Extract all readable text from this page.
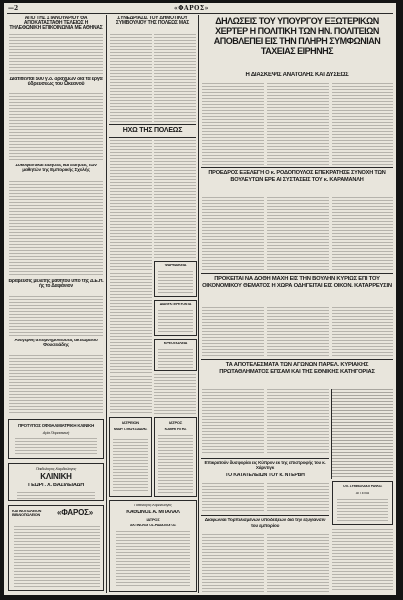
—2	«ΦΑΡΟΣ»
ΑΠΟ ΤΗΣ 1 ΙΑΝΟΥΑΡΙΟΥ ΘΑ ΑΠΟΚΑΤΑΣΤΑΘΗ ΤΕΛΕΙΩΣ Η ΤΗΛΕΦΩΝΙΚΗ ΕΠΙΚΟΙΝΩΝΙΑ ΜΕ ΑΘΗΝΑΣ
Διατίθενται 500 γ.δ. δραχμών διά τα έργα ύδρευσεως του Ωκεανού
Συκοφαντικαί ειδήσεις και ειδήσεις των μαθητών της Εμπορικής Σχολής
Βράβευσις μελέτης μαθητού υπό της Δ.Ε.Η. ής το Δαφάνιον
Ανεγέρθη απομνημονεύσας ακτιωρείου Φουσειάδης
ΠΡΟΤΥΠΟΣ ΟΦΘΑΛΜΙΑΤΡΙΚΗ ΚΛΙΝΙΚΗ
Αγία Παρασκευή
Παιδολογος-Καρδιολογος
ΚΛΙΝΙΚΗ
ΓΕΩΡΓ. Χ. ΒΑΣΙΛΕΙΑΔΗ
ΚΑΠΝΟΠΩΛΕΙΟΝ ΒΙΒΛΙΟΠΩΛΕΙΟΝ	«ΦΑΡΟΣ»
ΣΥΝΕΔΡΙΑΣΙΣ ΤΟΥ ΔΗΜΟΤΙΚΟΥ ΣΥΜΒΟΥΛΙΟΥ ΤΗΣ ΠΟΛΕΩΣ ΜΑΣ
ΗΧΩ ΤΗΣ ΠΟΛΕΩΣ
ΦΑΡΜΑΚΕΙΑ
ΔΙΑΝΥΚΤΕΡΕΥΟΝΤΑ
ΚΡΕΟΠΩΛΕΙΑ
ΙΑΤΡΕΙΟΝ
ΜΑΙΡ. Ι. ΜΩΥΣΙΑΔΗΣ
ΙΑΤΡΟΣ
ΚΑΘΗΓΗΤΗΣ
Παθολόγος-Καρδιολόγος
ΚΑΘΩΝΟΣ Α. ΜΠΑΛΑΛ
ΙΑΤΡΟΣ
ΑΚΤΙΝΟΛΟΓΟΣ-ΡΑΔΙΟΛΟΓΟΣ
ΔΗΛΩΣΕΙΣ ΤΟΥ ΥΠΟΥΡΓΟΥ ΕΞΩΤΕΡΙΚΩΝ ΧΕΡΤΕΡ Η ΠΟΛΙΤΙΚΗ ΤΩΝ ΗΝ. ΠΟΛΙΤΕΙΩΝ ΑΠΟΒΛΕΠΕΙ ΕΙΣ ΤΗΝ ΠΛΗΡΗ ΣΥΜΦΩΝΙΑΝ ΤΑΧΕΙΑΣ ΕΙΡΗΝΗΣ
Η ΔΙΑΣΚΕΨΙΣ ΑΝΑΤΟΛΗΣ ΚΑΙ ΔΥΣΕΩΣ
ΠΡΟΕΔΡΟΣ ΕΞΕΛΕΓΗ Ο κ. ΡΟΔΟΠΟΥΛΟΣ ΕΠΕΚΡΑΤΗΣΕ ΣΥΝΟΧΗ ΤΩΝ ΒΟΥΛΕΥΤΩΝ ΕΡΕ ΑΙ ΣΥΣΤΑΣΕΙΣ ΤΟΥ κ. ΚΑΡΑΜΑΝΛΗ
ΠΡΟΚΕΙΤΑΙ ΝΑ ΔΟΘΗ ΜΑΧΗ ΕΙΣ ΤΗΝ ΒΟΥΛΗΝ ΚΥΡΙΩΣ ΕΠΙ ΤΟΥ ΟΙΚΟΝΟΜΙΚΟΥ ΘΕΜΑΤΟΣ Η ΧΩΡΑ ΟΔΗΓΕΙΤΑΙ ΕΙΣ ΟΙΚΟΝ. ΚΑΤΑΡΡΕΥΣΙΝ
ΤΑ ΑΠΟΤΕΛΕΣΜΑΤΑ ΤΩΝ ΑΓΩΝΩΝ ΠΑΡΕΛ. ΚΥΡΙΑΚΗΣ ΠΡΩΤΑΘΛΗΜΑΤΟΣ ΕΠΣΑΜ ΚΑΙ ΤΗΣ ΕΘΝΙΚΗΣ ΚΑΤΗΓΟΡΙΑΣ
Επικρατούν δυσφορίαι εις Κύπρον εκ της επιστροφής του κ. Χάρντιγκ
ΤΟ ΚΑΤΑΤΕΛΕΙΩΝ ΤΟΥ κ. ΝΤΕΡΒΗ
Ο κ. ΣΥΜΒΟΛΑΙΟΓΡΑΦΟΣ
ΑΓΓΕΛΙΑ
Διαφωνίαι Τορπιλισμένων υποδείξεων διά την εξυγίανσιν του εμπορίου
